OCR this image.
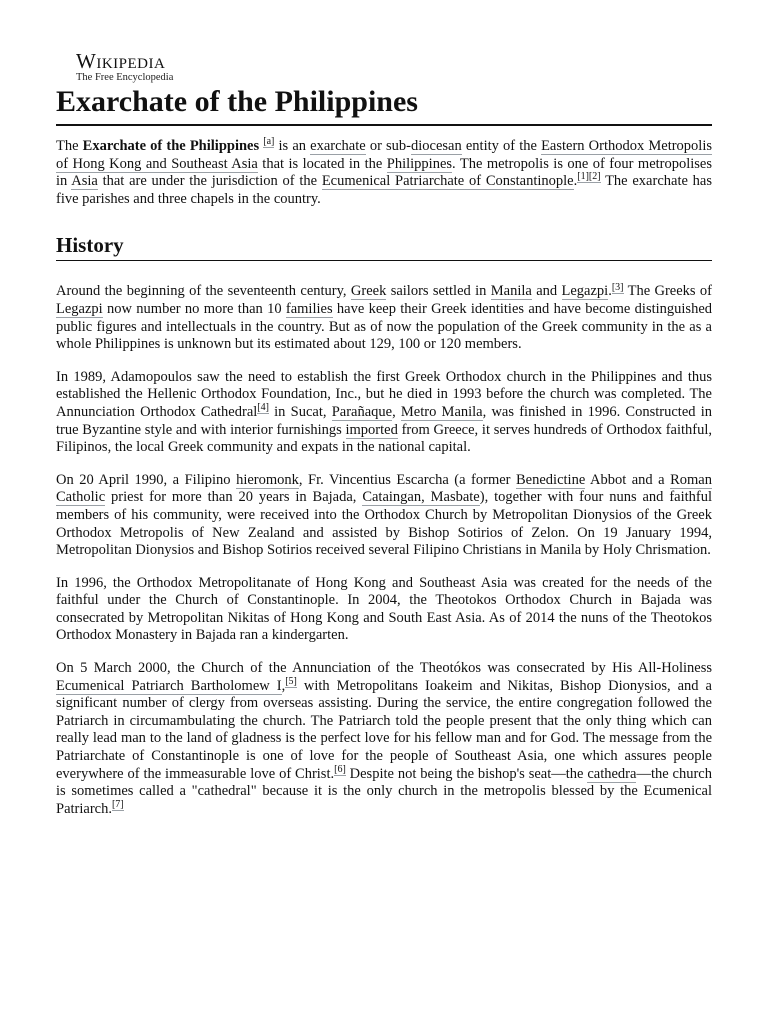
Wikipedia
The Free Encyclopedia
Exarchate of the Philippines

The Exarchate of the Philippines [a] is an exarchate or sub-diocesan entity of the Eastern Orthodox Metropolis of Hong Kong and Southeast Asia that is located in the Philippines. The metropolis is one of four metropolises in Asia that are under the jurisdiction of the Ecumenical Patriarchate of Constantinople.[1][2] The exarchate has five parishes and three chapels in the country.

History

Around the beginning of the seventeenth century, Greek sailors settled in Manila and Legazpi.[3] The Greeks of Legazpi now number no more than 10 families have keep their Greek identities and have become distinguished public figures and intellectuals in the country. But as of now the population of the Greek community in the as a whole Philippines is unknown but its estimated about 129, 100 or 120 members.

In 1989, Adamopoulos saw the need to establish the first Greek Orthodox church in the Philippines and thus established the Hellenic Orthodox Foundation, Inc., but he died in 1993 before the church was completed. The Annunciation Orthodox Cathedral[4] in Sucat, Parañaque, Metro Manila, was finished in 1996. Constructed in true Byzantine style and with interior furnishings imported from Greece, it serves hundreds of Orthodox faithful, Filipinos, the local Greek community and expats in the national capital.

On 20 April 1990, a Filipino hieromonk, Fr. Vincentius Escarcha (a former Benedictine Abbot and a Roman Catholic priest for more than 20 years in Bajada, Cataingan, Masbate), together with four nuns and faithful members of his community, were received into the Orthodox Church by Metropolitan Dionysios of the Greek Orthodox Metropolis of New Zealand and assisted by Bishop Sotirios of Zelon. On 19 January 1994, Metropolitan Dionysios and Bishop Sotirios received several Filipino Christians in Manila by Holy Chrismation.

In 1996, the Orthodox Metropolitanate of Hong Kong and Southeast Asia was created for the needs of the faithful under the Church of Constantinople. In 2004, the Theotokos Orthodox Church in Bajada was consecrated by Metropolitan Nikitas of Hong Kong and South East Asia. As of 2014 the nuns of the Theotokos Orthodox Monastery in Bajada ran a kindergarten.

On 5 March 2000, the Church of the Annunciation of the Theotókos was consecrated by His All-Holiness Ecumenical Patriarch Bartholomew I,[5] with Metropolitans Ioakeim and Nikitas, Bishop Dionysios, and a significant number of clergy from overseas assisting. During the service, the entire congregation followed the Patriarch in circumambulating the church. The Patriarch told the people present that the only thing which can really lead man to the land of gladness is the perfect love for his fellow man and for God. The message from the Patriarchate of Constantinople is one of love for the people of Southeast Asia, one which assures people everywhere of the immeasurable love of Christ.[6] Despite not being the bishop's seat—the cathedra—the church is sometimes called a "cathedral" because it is the only church in the metropolis blessed by the Ecumenical Patriarch.[7]
